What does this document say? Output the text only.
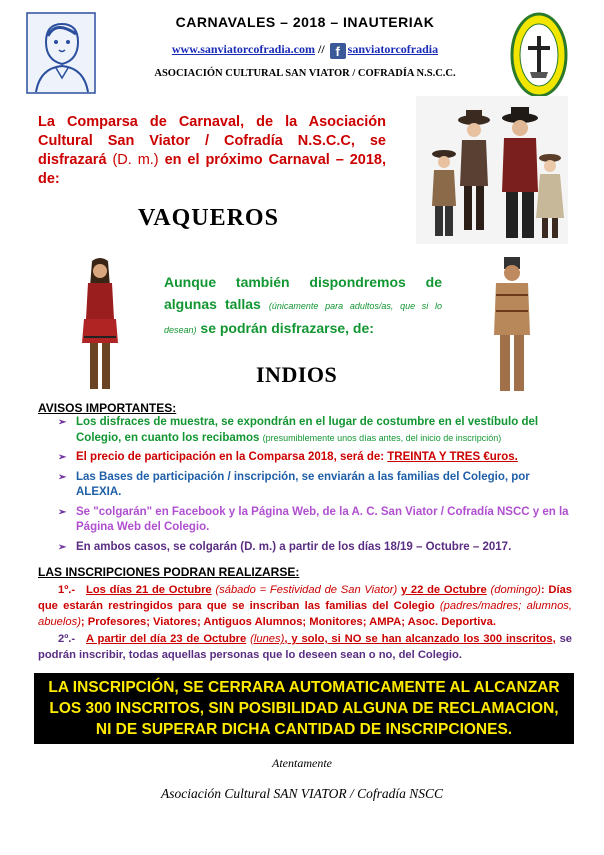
CARNAVALES – 2018 – INAUTERIAK
www.sanviatorcofradia.com // f sanviatorcofradia
ASOCIACIÓN CULTURAL SAN VIATOR / COFRADÍA N.S.C.C.
La Comparsa de Carnaval, de la Asociación Cultural San Viator / Cofradía N.S.C.C, se disfrazará (D. m.) en el próximo Carnaval – 2018, de:
VAQUEROS
Aunque también dispondremos de algunas tallas (únicamente para adultos/as, que si lo desean) se podrán disfrazarse, de:
INDIOS
AVISOS IMPORTANTES:
➢ Los disfraces de muestra, se expondrán en el lugar de costumbre en el vestíbulo del Colegio, en cuanto los recibamos (presumiblemente unos días antes, del inicio de inscripción)
➢ El precio de participación en la Comparsa 2018, será de: TREINTA Y TRES €uros.
➢ Las Bases de participación / inscripción, se enviarán a las familias del Colegio, por ALEXIA.
➢ Se "colgarán" en Facebook y la Página Web, de la A. C. San Viator / Cofradía NSCC y en la Página Web del Colegio.
➢ En ambos casos, se colgarán (D. m.) a partir de los días 18/19 – Octubre – 2017.
LAS INSCRIPCIONES PODRAN REALIZARSE:
1º.- Los días 21 de Octubre (sábado = Festividad de San Viator) y 22 de Octubre (domingo): Días que estarán restringidos para que se inscriban las familias del Colegio (padres/madres; alumnos, abuelos); Profesores; Viatores; Antiguos Alumnos; Monitores; AMPA; Asoc. Deportiva.
2º.- A partir del día 23 de Octubre (lunes), y solo, si NO se han alcanzado los 300 inscritos, se podrán inscribir, todas aquellas personas que lo deseen sean o no, del Colegio.
LA INSCRIPCIÓN, SE CERRARA AUTOMATICAMENTE AL ALCANZAR
LOS 300 INSCRITOS, SIN POSIBILIDAD ALGUNA DE RECLAMACION,
NI DE SUPERAR DICHA CANTIDAD DE INSCRIPCIONES.
Atentamente
Asociación Cultural SAN VIATOR / Cofradía NSCC
